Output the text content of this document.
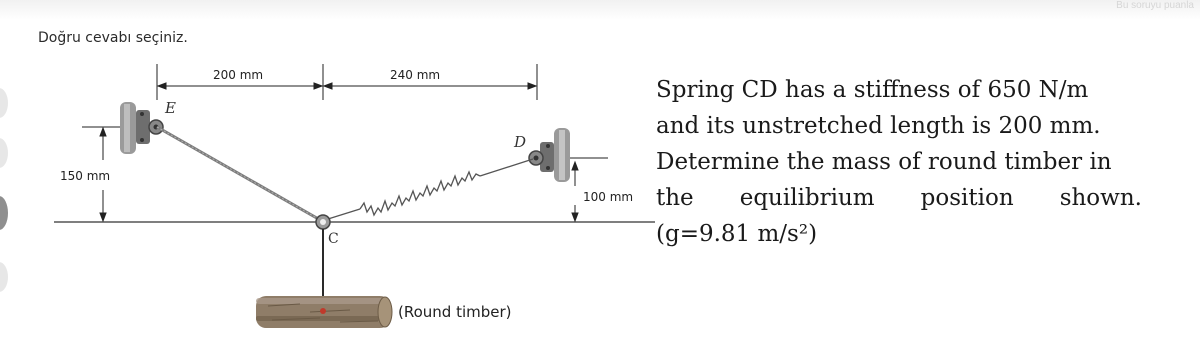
Bu soruyu puanla
Doğru cevabı seçiniz.
200 mm	240 mm
150 mm
100 mm
E
D
C
(Round timber)
Spring CD has a stiffness of 650 N/m
and its unstretched length is 200 mm.
Determine the mass of round timber in
the equilibrium position shown.
(g=9.81 m/s²)
